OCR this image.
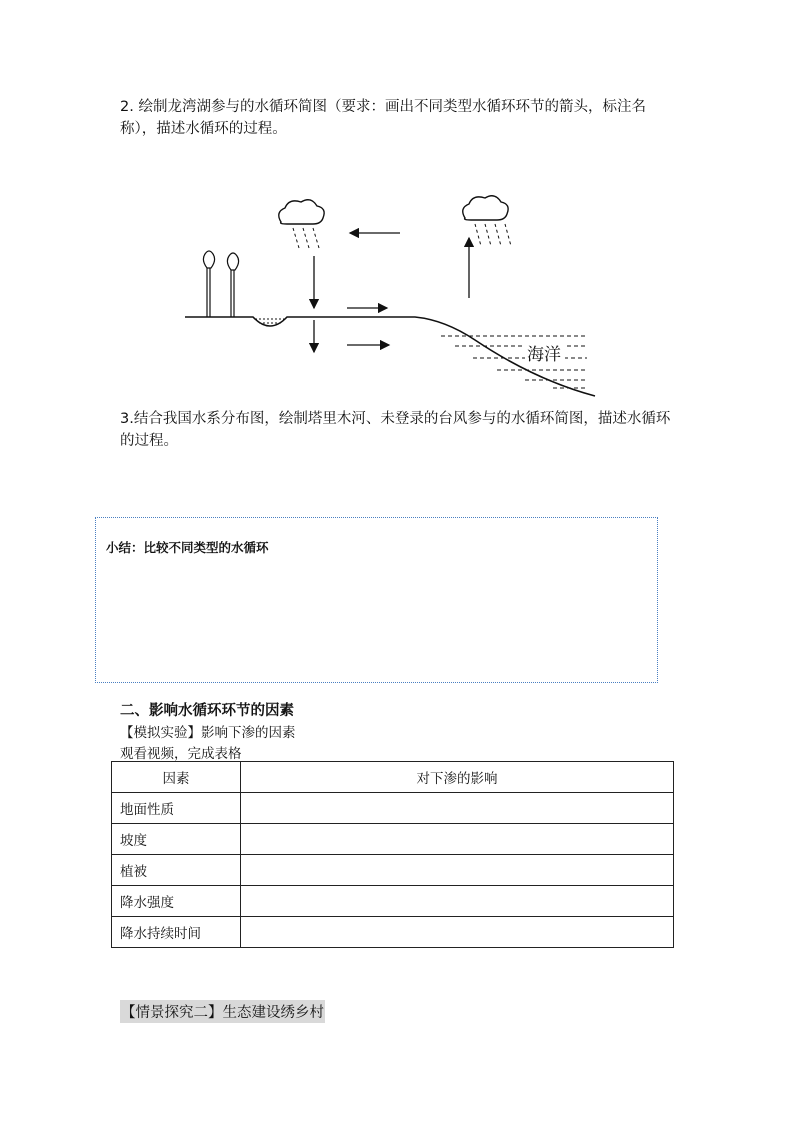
2. 绘制龙湾湖参与的水循环简图（要求：画出不同类型水循环环节的箭头，标注名称），描述水循环的过程。
海洋
3.结合我国水系分布图，绘制塔里木河、未登录的台风参与的水循环简图，描述水循环的过程。
小结：比较不同类型的水循环
二、影响水循环环节的因素
【模拟实验】影响下渗的因素
观看视频，完成表格
因素	对下渗的影响
地面性质	
坡度	
植被	
降水强度	
降水持续时间	
【情景探究二】生态建设绣乡村
